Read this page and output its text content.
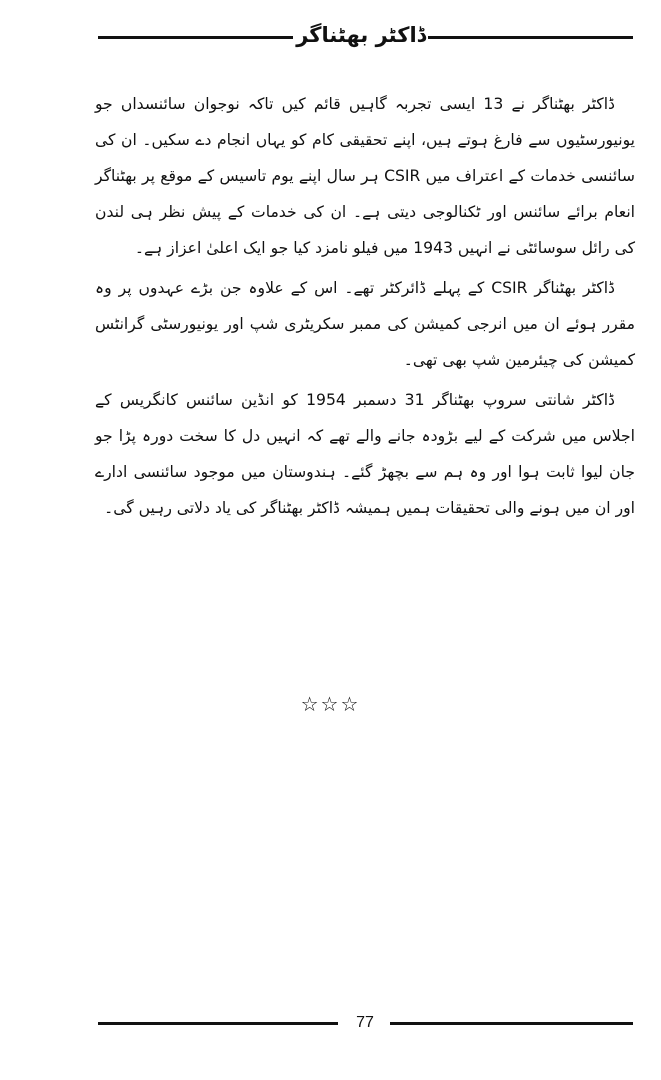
ڈاکٹر بھٹناگر

ڈاکٹر بھٹناگر نے 13 ایسی تجربہ گاہیں قائم کیں تاکہ نوجوان سائنسداں جو یونیورسٹیوں سے فارغ ہوتے ہیں، اپنے تحقیقی کام کو یہاں انجام دے سکیں۔ ان کی سائنسی خدمات کے اعتراف میں CSIR ہر سال اپنے یوم تاسیس کے موقع پر بھٹناگر انعام برائے سائنس اور ٹکنالوجی دیتی ہے۔ ان کی خدمات کے پیش نظر ہی لندن کی رائل سوسائٹی نے انہیں 1943 میں فیلو نامزد کیا جو ایک اعلیٰ اعزاز ہے۔

ڈاکٹر بھٹناگر CSIR کے پہلے ڈائرکٹر تھے۔ اس کے علاوہ جن بڑے عہدوں پر وہ مقرر ہوئے ان میں انرجی کمیشن کی ممبر سکریٹری شپ اور یونیورسٹی گرانٹس کمیشن کی چیئرمین شپ بھی تھی۔

ڈاکٹر شانتی سروپ بھٹناگر 31 دسمبر 1954 کو انڈین سائنس کانگریس کے اجلاس میں شرکت کے لیے بڑودہ جانے والے تھے کہ انہیں دل کا سخت دورہ پڑا جو جان لیوا ثابت ہوا اور وہ ہم سے بچھڑ گئے۔ ہندوستان میں موجود سائنسی ادارے اور ان میں ہونے والی تحقیقات ہمیں ہمیشہ ڈاکٹر بھٹناگر کی یاد دلاتی رہیں گی۔

☆☆☆
77
